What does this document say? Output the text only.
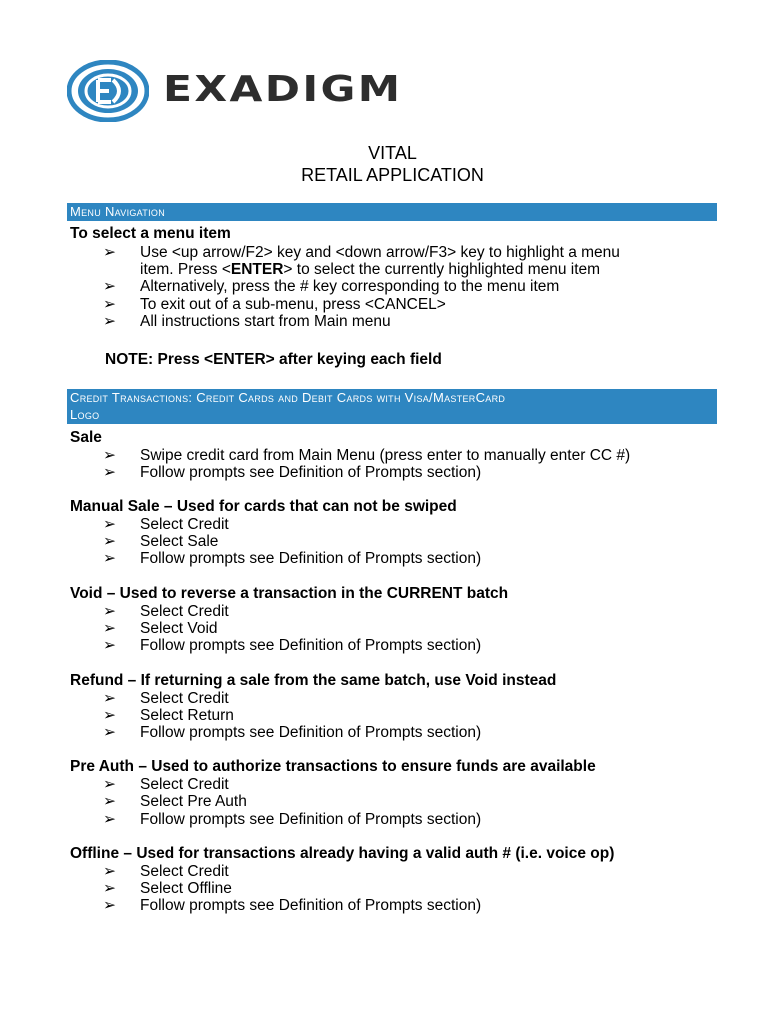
EXADIGM
VITAL
RETAIL APPLICATION
Menu Navigation
To select a menu item
➢	Use <up arrow/F2> key and <down arrow/F3> key to highlight a menu
item. Press <ENTER> to select the currently highlighted menu item
➢	Alternatively, press the # key corresponding to the menu item
➢	To exit out of a sub-menu, press <CANCEL>
➢	All instructions start from Main menu
NOTE: Press <ENTER> after keying each field
Credit Transactions: Credit Cards and Debit Cards with Visa/MasterCard
Logo
Sale
➢	Swipe credit card from Main Menu (press enter to manually enter CC #)
➢	Follow prompts see Definition of Prompts section)
Manual Sale – Used for cards that can not be swiped
➢	Select Credit
➢	Select Sale
➢	Follow prompts see Definition of Prompts section)
Void – Used to reverse a transaction in the CURRENT batch
➢	Select Credit
➢	Select Void
➢	Follow prompts see Definition of Prompts section)
Refund – If returning a sale from the same batch, use Void instead
➢	Select Credit
➢	Select Return
➢	Follow prompts see Definition of Prompts section)
Pre Auth – Used to authorize transactions to ensure funds are available
➢	Select Credit
➢	Select Pre Auth
➢	Follow prompts see Definition of Prompts section)
Offline – Used for transactions already having a valid auth # (i.e. voice op)
➢	Select Credit
➢	Select Offline
➢	Follow prompts see Definition of Prompts section)
